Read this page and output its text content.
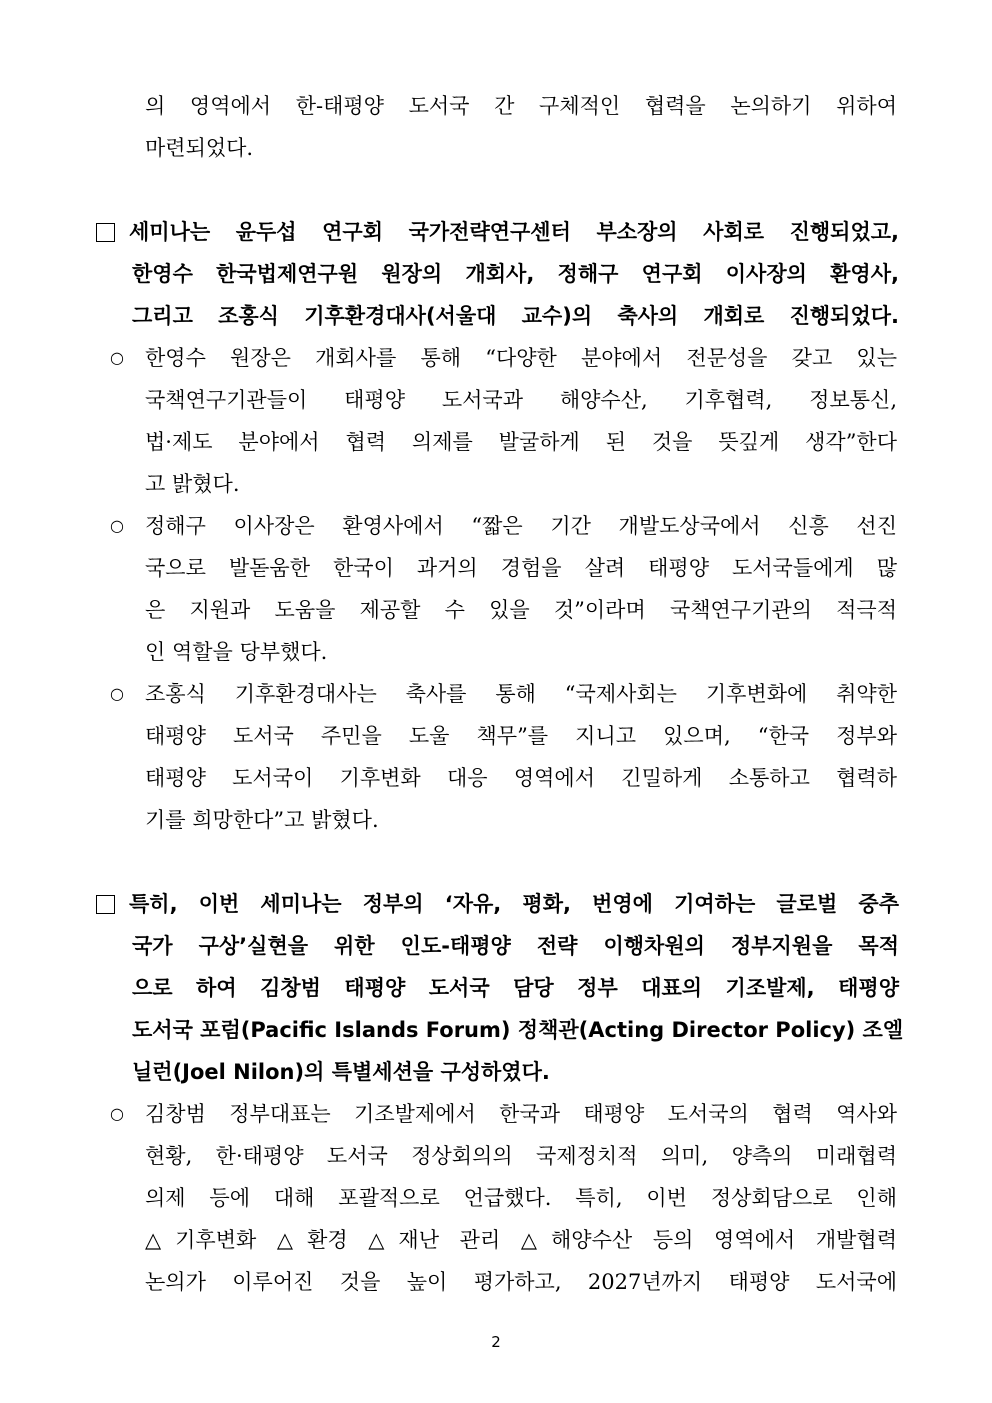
의 영역에서 한-태평양 도서국 간 구체적인 협력을 논의하기 위하여
마련되었다.
세미나는 윤두섭 연구회 국가전략연구센터 부소장의 사회로 진행되었고,
한영수 한국법제연구원 원장의 개회사, 정해구 연구회 이사장의 환영사,
그리고 조홍식 기후환경대사(서울대 교수)의 축사의 개회로 진행되었다.
○ 한영수 원장은 개회사를 통해 “다양한 분야에서 전문성을 갖고 있는
국책연구기관들이 태평양 도서국과 해양수산, 기후협력, 정보통신,
법·제도 분야에서 협력 의제를 발굴하게 된 것을 뜻깊게 생각”한다
고 밝혔다.
○ 정해구 이사장은 환영사에서 “짧은 기간 개발도상국에서 신흥 선진
국으로 발돋움한 한국이 과거의 경험을 살려 태평양 도서국들에게 많
은 지원과 도움을 제공할 수 있을 것”이라며 국책연구기관의 적극적
인 역할을 당부했다.
○ 조홍식 기후환경대사는 축사를 통해 “국제사회는 기후변화에 취약한
태평양 도서국 주민을 도울 책무”를 지니고 있으며, “한국 정부와
태평양 도서국이 기후변화 대응 영역에서 긴밀하게 소통하고 협력하
기를 희망한다”고 밝혔다.
특히, 이번 세미나는 정부의 ‘자유, 평화, 번영에 기여하는 글로벌 중추
국가 구상’실현을 위한 인도-태평양 전략 이행차원의 정부지원을 목적
으로 하여 김창범 태평양 도서국 담당 정부 대표의 기조발제, 태평양
도서국 포럼(Pacific Islands Forum) 정책관(Acting Director Policy) 조엘
닐런(Joel Nilon)의 특별세션을 구성하였다.
○ 김창범 정부대표는 기조발제에서 한국과 태평양 도서국의 협력 역사와
현황, 한·태평양 도서국 정상회의의 국제정치적 의미, 양측의 미래협력
의제 등에 대해 포괄적으로 언급했다. 특히, 이번 정상회담으로 인해
△기후변화 △환경 △재난 관리 △해양수산 등의 영역에서 개발협력
논의가 이루어진 것을 높이 평가하고, 2027년까지 태평양 도서국에
2
